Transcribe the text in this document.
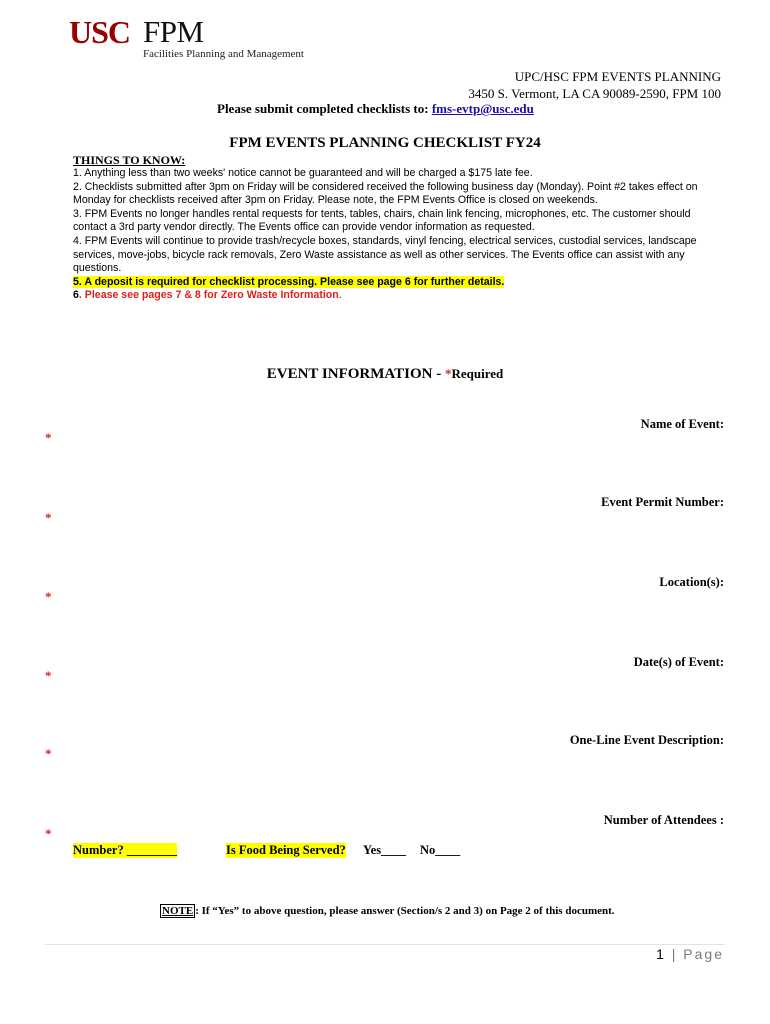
USC FPM
Facilities Planning and Management
UPC/HSC FPM EVENTS PLANNING
3450 S. Vermont, LA CA 90089-2590, FPM 100
Please submit completed checklists to: fms-evtp@usc.edu
FPM EVENTS PLANNING CHECKLIST FY24
THINGS TO KNOW:

1. Anything less than two weeks' notice cannot be guaranteed and will be charged a $175 late fee.

2. Checklists submitted after 3pm on Friday will be considered received the following business day (Monday). Point #2 takes effect on Monday for checklists received after 3pm on Friday. Please note, the FPM Events Office is closed on weekends.

3. FPM Events no longer handles rental requests for tents, tables, chairs, chain link fencing, microphones, etc. The customer should contact a 3rd party vendor directly. The Events office can provide vendor information as requested.

4. FPM Events will continue to provide trash/recycle boxes, standards, vinyl fencing, electrical services, custodial services, landscape services, move-jobs, bicycle rack removals, Zero Waste assistance as well as other services. The Events office can assist with any questions.

5. A deposit is required for checklist processing. Please see page 6 for further details.

6. Please see pages 7 & 8 for Zero Waste Information.

EVENT INFORMATION - *Required
Name of Event:
*
Event Permit Number:
*
Location(s):
*
Date(s) of Event:
*
One-Line Event Description:
*
Number of Attendees :
*
Number? ________	Is Food Being Served? Yes____ No____
NOTE : If “Yes” to above question, please answer (Section/s 2 and 3) on Page 2 of this document.
1 | Page
